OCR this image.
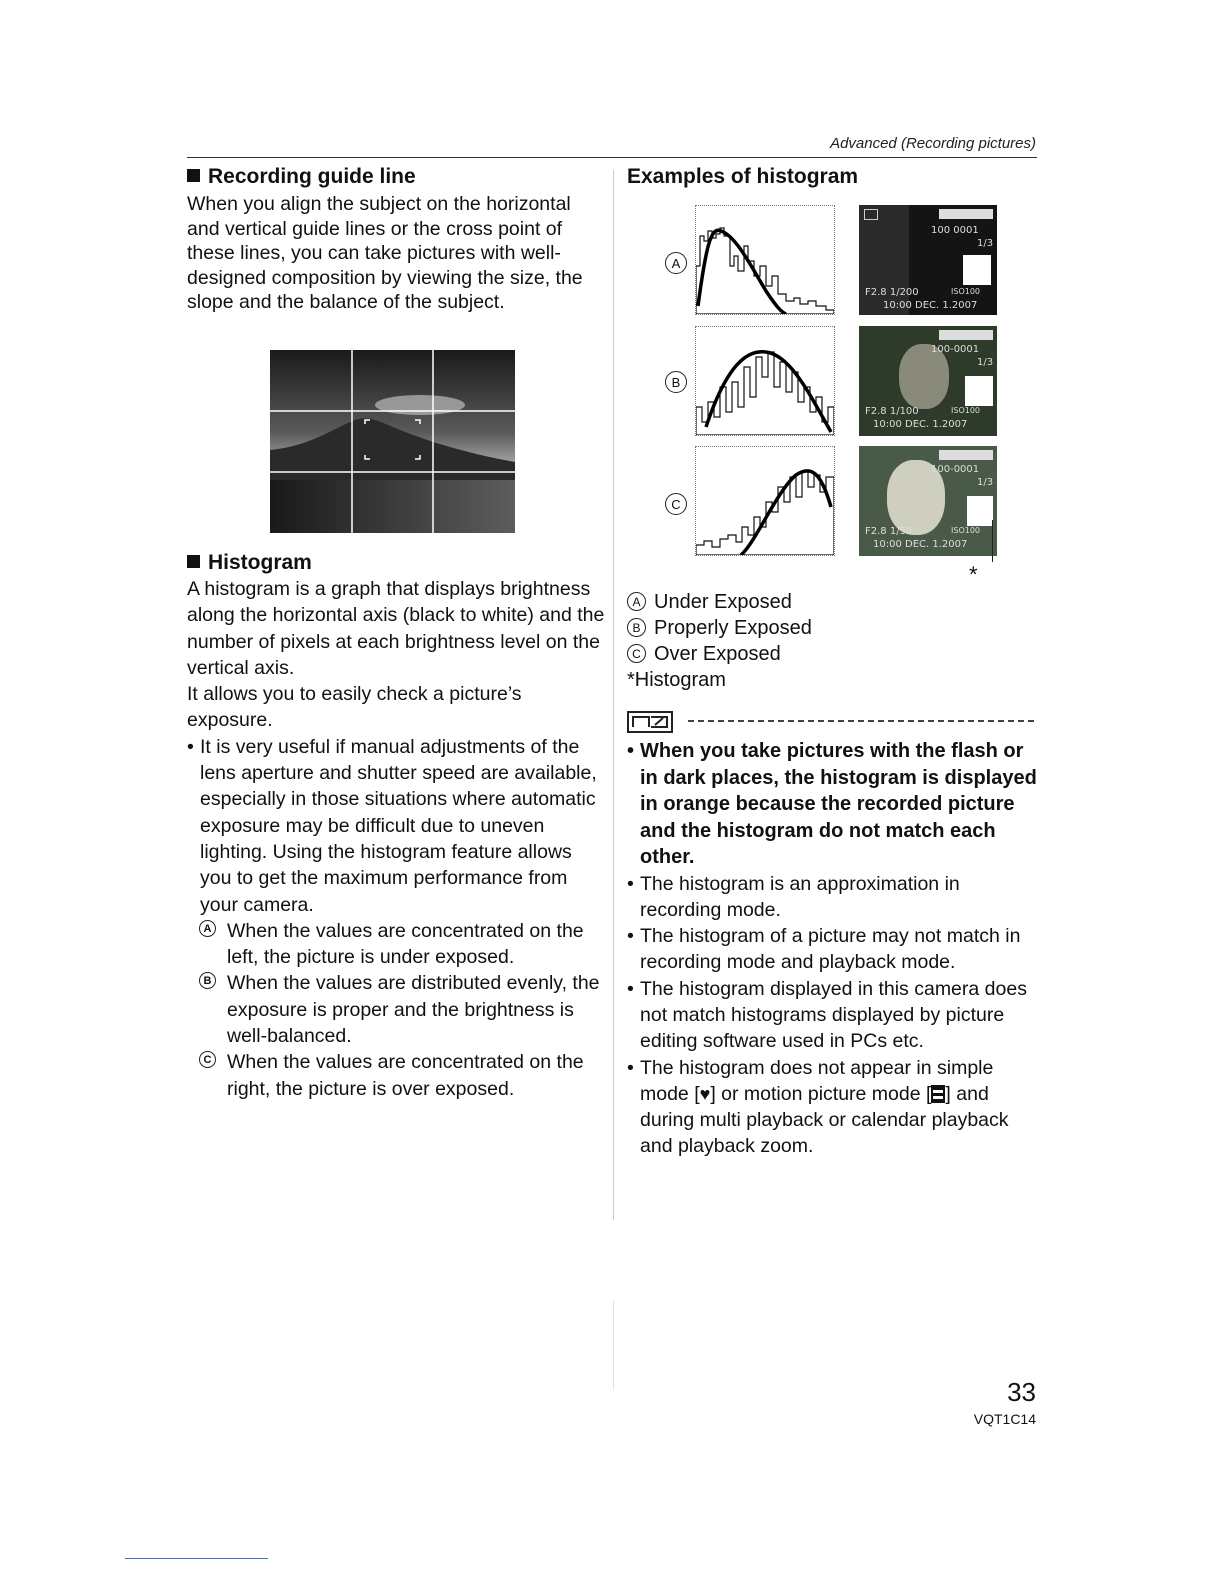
Advanced (Recording pictures)
Recording guide line

When you align the subject on the horizontal and vertical guide lines or the cross point of these lines, you can take pictures with well-designed composition by viewing the size, the slope and the balance of the subject.

Histogram

A histogram is a graph that displays brightness along the horizontal axis (black to white) and the number of pixels at each brightness level on the vertical axis.

It allows you to easily check a picture’s exposure.

• It is very useful if manual adjustments of the lens aperture and shutter speed are available, especially in those situations where automatic exposure may be difficult due to uneven lighting. Using the histogram feature allows you to get the maximum performance from your camera.

A When the values are concentrated on the left, the picture is under exposed.
B When the values are distributed evenly, the exposure is proper and the brightness is well-balanced.
C When the values are concentrated on the right, the picture is over exposed.
Examples of histogram
A
B
C
100 0001
1/3
F2.8 1/200	ISO100
10:00 DEC. 1.2007
100-0001
1/3
F2.8 1/100	ISO100
10:00 DEC. 1.2007
100-0001
1/3
F2.8 1/50	ISO100
10:00 DEC. 1.2007
*
A Under Exposed
B Properly Exposed
C Over Exposed
*Histogram
• When you take pictures with the flash or in dark places, the histogram is displayed in orange because the recorded picture and the histogram do not match each other.
• The histogram is an approximation in recording mode.
• The histogram of a picture may not match in recording mode and playback mode.
• The histogram displayed in this camera does not match histograms displayed by picture editing software used in PCs etc.
• The histogram does not appear in simple mode [♥] or motion picture mode [ ] and during multi playback or calendar playback and playback zoom.
33
VQT1C14
